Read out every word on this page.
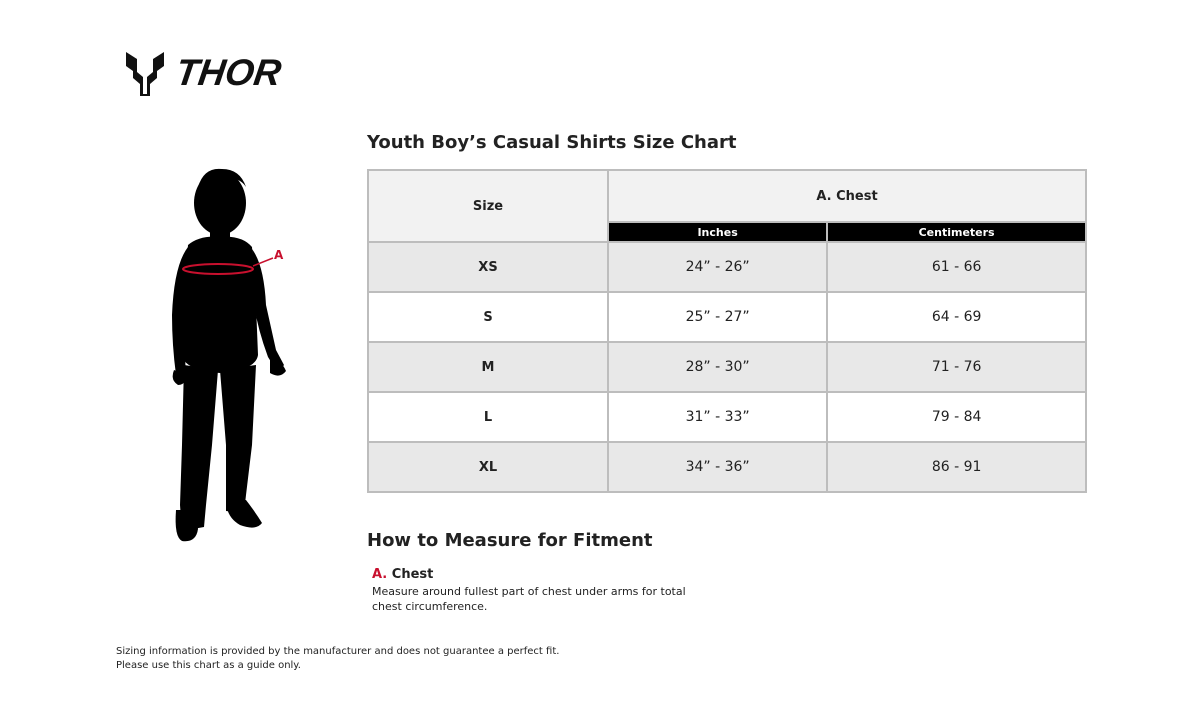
THOR
A
Youth Boy’s Casual Shirts Size Chart
Size	A. Chest	
	Inches	Centimeters
XS	24” - 26”	61 - 66
S	25” - 27”	64 - 69
M	28” - 30”	71 - 76
L	31” - 33”	79 - 84
XL	34” - 36”	86 - 91
How to Measure for Fitment
A. Chest
Measure around fullest part of chest under arms for total chest circumference.
Sizing information is provided by the manufacturer and does not guarantee a perfect fit.
Please use this chart as a guide only.
